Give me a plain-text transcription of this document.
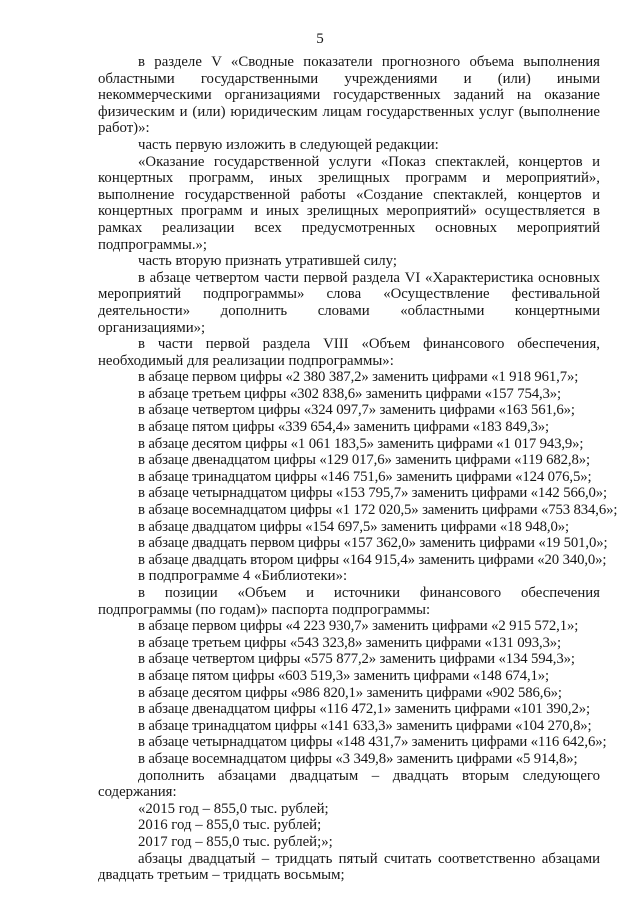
5

в разделе V «Сводные показатели прогнозного объема выполнения областными государственными учреждениями и (или) иными некоммерческими организациями государственных заданий на оказание физическим и (или) юридическим лицам государственных услуг (выполнение работ)»:

часть первую изложить в следующей редакции:

«Оказание государственной услуги «Показ спектаклей, концертов и концертных программ, иных зрелищных программ и мероприятий», выполнение государственной работы «Создание спектаклей, концертов и концертных программ и иных зрелищных мероприятий» осуществляется в рамках реализации всех предусмотренных основных мероприятий подпрограммы.»;

часть вторую признать утратившей силу;

в абзаце четвертом части первой раздела VI «Характеристика основных мероприятий подпрограммы» слова «Осуществление фестивальной деятельности» дополнить словами «областными концертными организациями»;

в части первой раздела VIII «Объем финансового обеспечения, необходимый для реализации подпрограммы»:

в абзаце первом цифры «2 380 387,2» заменить цифрами «1 918 961,7»;

в абзаце третьем цифры «302 838,6» заменить цифрами «157 754,3»;

в абзаце четвертом цифры «324 097,7» заменить цифрами «163 561,6»;

в абзаце пятом цифры «339 654,4» заменить цифрами «183 849,3»;

в абзаце десятом цифры «1 061 183,5» заменить цифрами «1 017 943,9»;

в абзаце двенадцатом цифры «129 017,6» заменить цифрами «119 682,8»;

в абзаце тринадцатом цифры «146 751,6» заменить цифрами «124 076,5»;

в абзаце четырнадцатом цифры «153 795,7» заменить цифрами «142 566,0»;

в абзаце восемнадцатом цифры «1 172 020,5» заменить цифрами «753 834,6»;

в абзаце двадцатом цифры «154 697,5» заменить цифрами «18 948,0»;

в абзаце двадцать первом цифры «157 362,0» заменить цифрами «19 501,0»;

в абзаце двадцать втором цифры «164 915,4» заменить цифрами «20 340,0»;

в подпрограмме 4 «Библиотеки»:

в позиции «Объем и источники финансового обеспечения подпрограммы (по годам)» паспорта подпрограммы:

в абзаце первом цифры «4 223 930,7» заменить цифрами «2 915 572,1»;

в абзаце третьем цифры «543 323,8» заменить цифрами «131 093,3»;

в абзаце четвертом цифры «575 877,2» заменить цифрами «134 594,3»;

в абзаце пятом цифры «603 519,3» заменить цифрами «148 674,1»;

в абзаце десятом цифры «986 820,1» заменить цифрами «902 586,6»;

в абзаце двенадцатом цифры «116 472,1» заменить цифрами «101 390,2»;

в абзаце тринадцатом цифры «141 633,3» заменить цифрами «104 270,8»;

в абзаце четырнадцатом цифры «148 431,7» заменить цифрами «116 642,6»;

в абзаце восемнадцатом цифры «3 349,8» заменить цифрами «5 914,8»;

дополнить абзацами двадцатым – двадцать вторым следующего содержания:

«2015 год – 855,0 тыс. рублей;

2016 год – 855,0 тыс. рублей;

2017 год – 855,0 тыс. рублей;»;

абзацы двадцатый – тридцать пятый считать соответственно абзацами двадцать третьим – тридцать восьмым;
